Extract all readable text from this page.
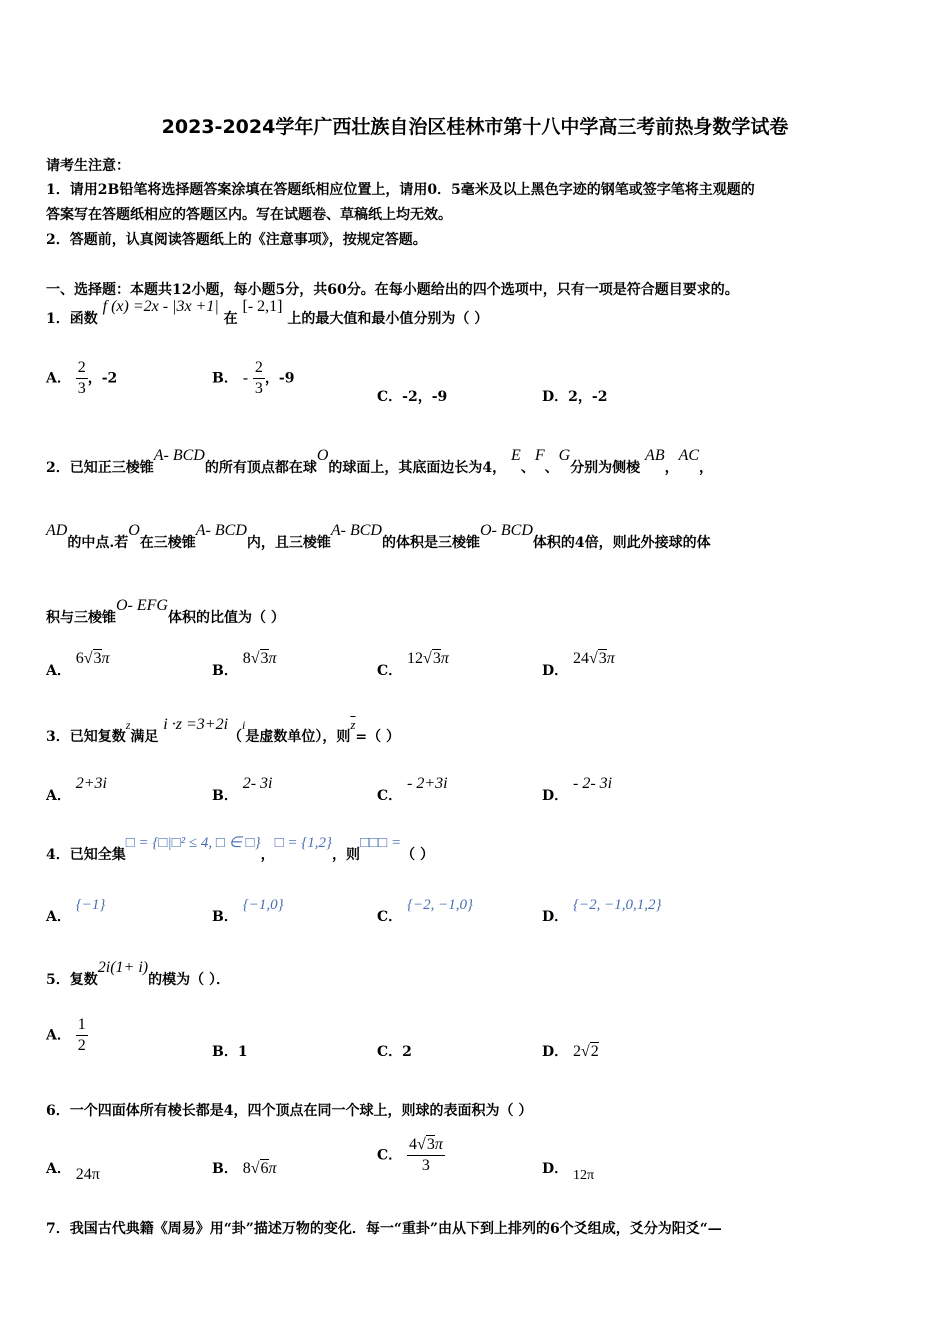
2023-2024学年广西壮族自治区桂林市第十八中学高三考前热身数学试卷
请考生注意：
1．请用2B铅笔将选择题答案涂填在答题纸相应位置上，请用0．5毫米及以上黑色字迹的钢笔或签字笔将主观题的
答案写在答题纸相应的答题区内。写在试题卷、草稿纸上均无效。
2．答题前，认真阅读答题纸上的《注意事项》，按规定答题。
一、选择题：本题共12小题，每小题5分，共60分。在每小题给出的四个选项中，只有一项是符合题目要求的。
1．函数 f (x) =2x - |3x +1| 在 [- 2,1] 上的最大值和最小值分别为（ ）
A． $\frac{2}{3}$ ，-2	B． - $\frac{2}{3}$ ，-9
C．-2，-9	D．2，-2
2．已知正三棱锥A- BCD的所有顶点都在球O的球面上，其底面边长为4， E、F、G分别为侧棱 AB，AC，
AD的中点.若O在三棱锥A- BCD内，且三棱锥A- BCD的体积是三棱锥O- BCD体积的4倍，则此外接球的体
积与三棱锥O- EFG体积的比值为（ ）
A． 6√3π
B． 8√3π
C． 12√3π
D． 24√3π
3．已知复数z满足 i ·z =3+2i（i是虚数单位），则$\overline{z}=$（ ）
A． 2+3i
B． 2- 3i
C． - 2+3i
D． - 2- 3i
4．已知全集□ = {□|□² ≤ 4, □ ∈ □}，□ = {1,2}，则□□□ =（ ）
A． {−1}
B． {−1,0}
C． {−2, −1,0}
D． {−2, −1,0,1,2}
5．复数2i(1+ i)的模为（ ）．
A． $\frac{1}{2}$	B．1	C．2	D． 2√2
6．一个四面体所有棱长都是4，四个顶点在同一个球上，则球的表面积为（ ）
A． 24π	B． 8√6π
C． $\frac{4√3\pi}{3}$	D． 12π
7．我国古代典籍《周易》用“卦”描述万物的变化．每一“重卦”由从下到上排列的6个爻组成，爻分为阳爻“—
